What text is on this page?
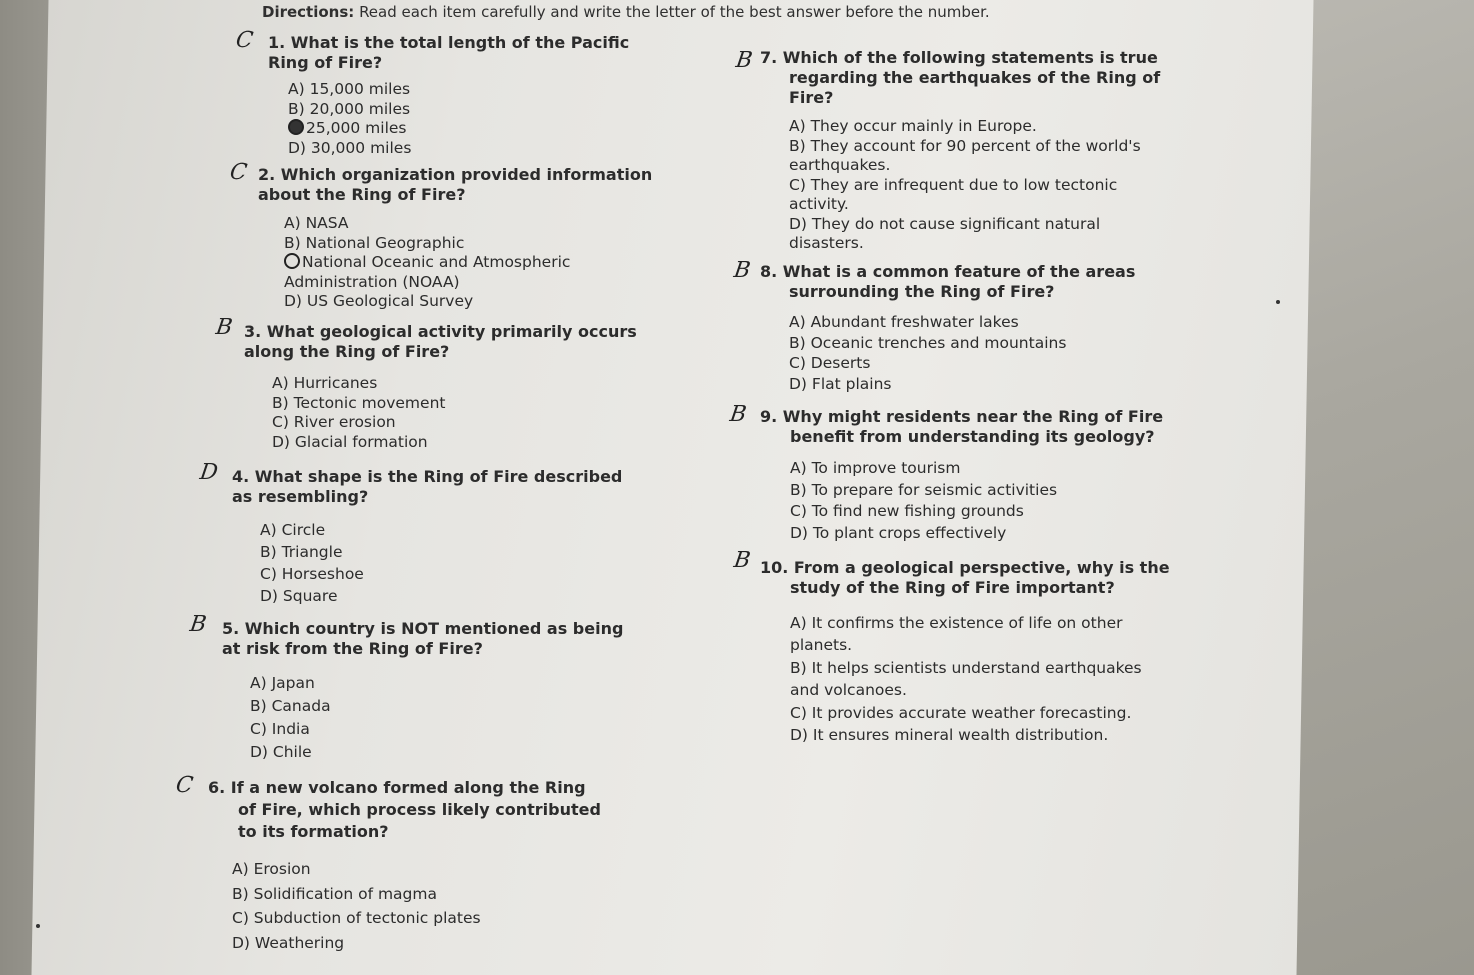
Directions: Read each item carefully and write the letter of the best answer before the number.
C 1. What is the total length of the Pacific
Ring of Fire?
A) 15,000 miles
B) 20,000 miles
25,000 miles
D) 30,000 miles
C 2. Which organization provided information
about the Ring of Fire?
A) NASA
B) National Geographic
National Oceanic and Atmospheric
Administration (NOAA)
D) US Geological Survey
B 3. What geological activity primarily occurs
along the Ring of Fire?
A) Hurricanes
B) Tectonic movement
C) River erosion
D) Glacial formation
D 4. What shape is the Ring of Fire described
as resembling?
A) Circle
B) Triangle
C) Horseshoe
D) Square
B 5. Which country is NOT mentioned as being
at risk from the Ring of Fire?
A) Japan
B) Canada
C) India
D) Chile
C 6. If a new volcano formed along the Ring
of Fire, which process likely contributed
to its formation?
A) Erosion
B) Solidification of magma
C) Subduction of tectonic plates
D) Weathering
B 7. Which of the following statements is true
regarding the earthquakes of the Ring of
Fire?
A) They occur mainly in Europe.
B) They account for 90 percent of the world's
earthquakes.
C) They are infrequent due to low tectonic
activity.
D) They do not cause significant natural
disasters.
B 8. What is a common feature of the areas
surrounding the Ring of Fire?
A) Abundant freshwater lakes
B) Oceanic trenches and mountains
C) Deserts
D) Flat plains
B 9. Why might residents near the Ring of Fire
benefit from understanding its geology?
A) To improve tourism
B) To prepare for seismic activities
C) To find new fishing grounds
D) To plant crops effectively
B 10. From a geological perspective, why is the
study of the Ring of Fire important?
A) It confirms the existence of life on other
planets.
B) It helps scientists understand earthquakes
and volcanoes.
C) It provides accurate weather forecasting.
D) It ensures mineral wealth distribution.
